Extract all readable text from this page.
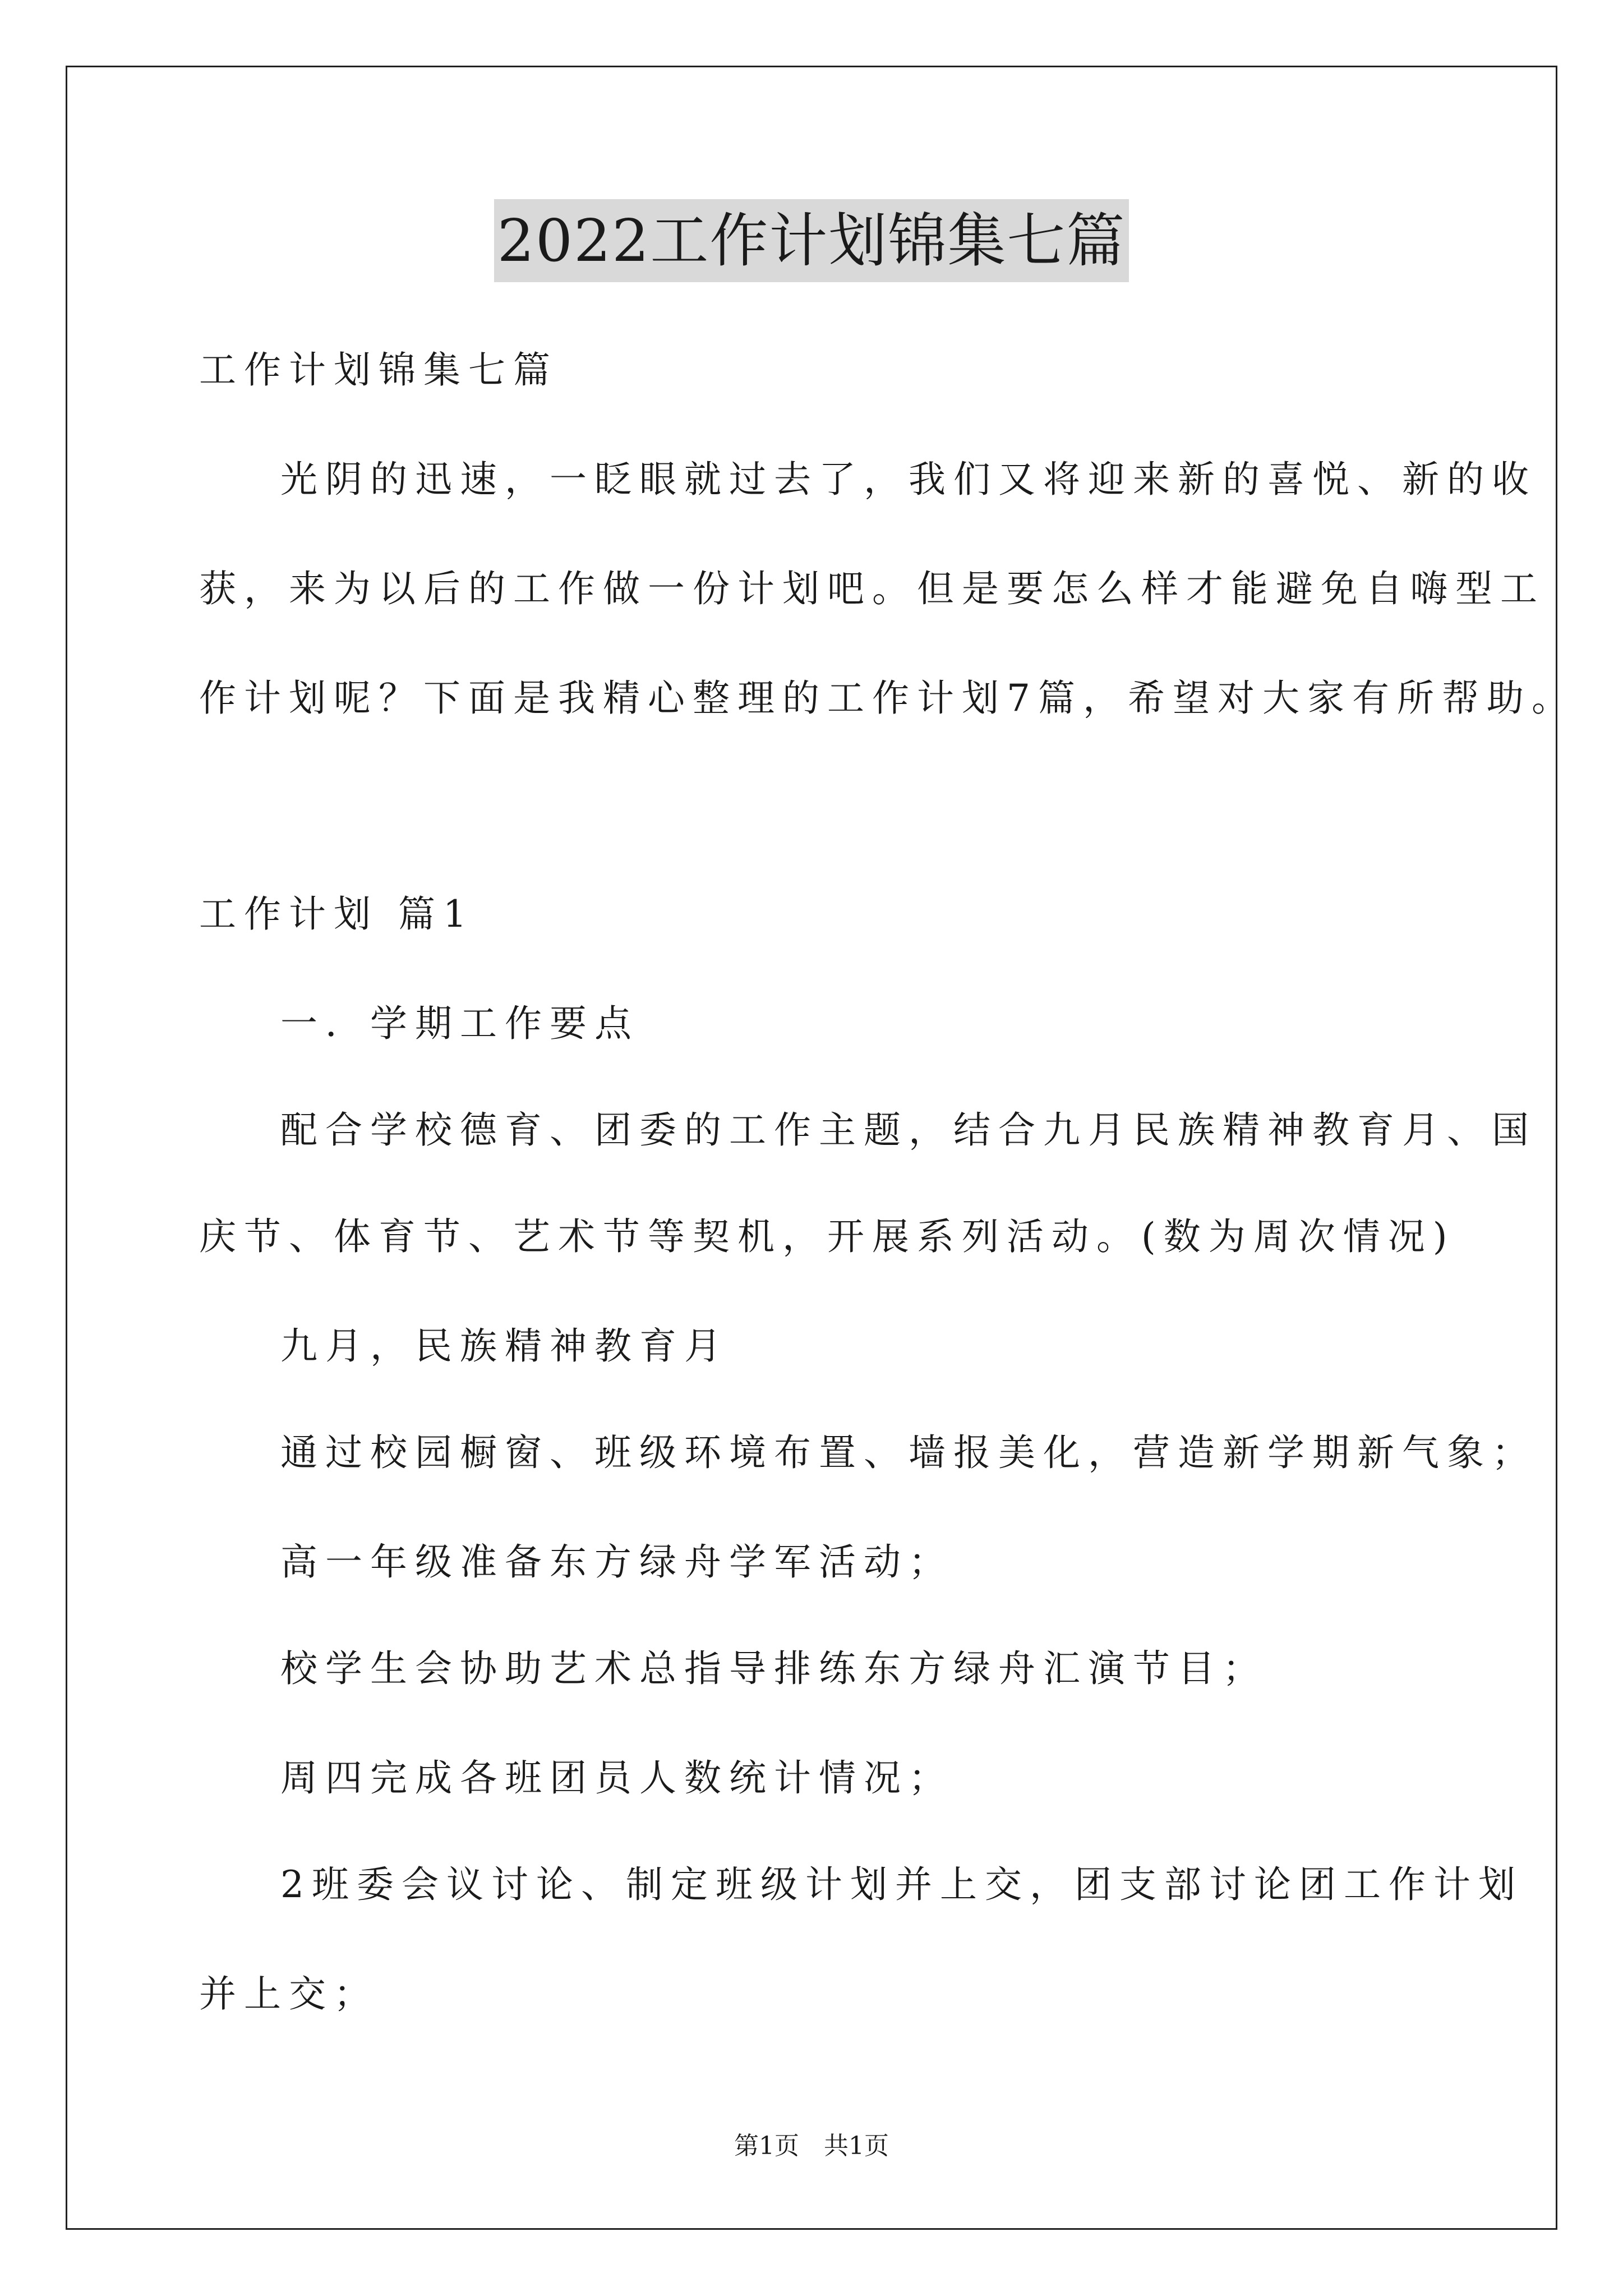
2022工作计划锦集七篇
工作计划锦集七篇
光阴的迅速，一眨眼就过去了，我们又将迎来新的喜悦、新的收
获，来为以后的工作做一份计划吧。但是要怎么样才能避免自嗨型工
作计划呢？下面是我精心整理的工作计划7篇，希望对大家有所帮助。
工作计划 篇1
一．学期工作要点
配合学校德育、团委的工作主题，结合九月民族精神教育月、国
庆节、体育节、艺术节等契机，开展系列活动。(数为周次情况)
九月，民族精神教育月
通过校园橱窗、班级环境布置、墙报美化，营造新学期新气象；
高一年级准备东方绿舟学军活动；
校学生会协助艺术总指导排练东方绿舟汇演节目；
周四完成各班团员人数统计情况；
2班委会议讨论、制定班级计划并上交，团支部讨论团工作计划
并上交；
第1页　共1页
